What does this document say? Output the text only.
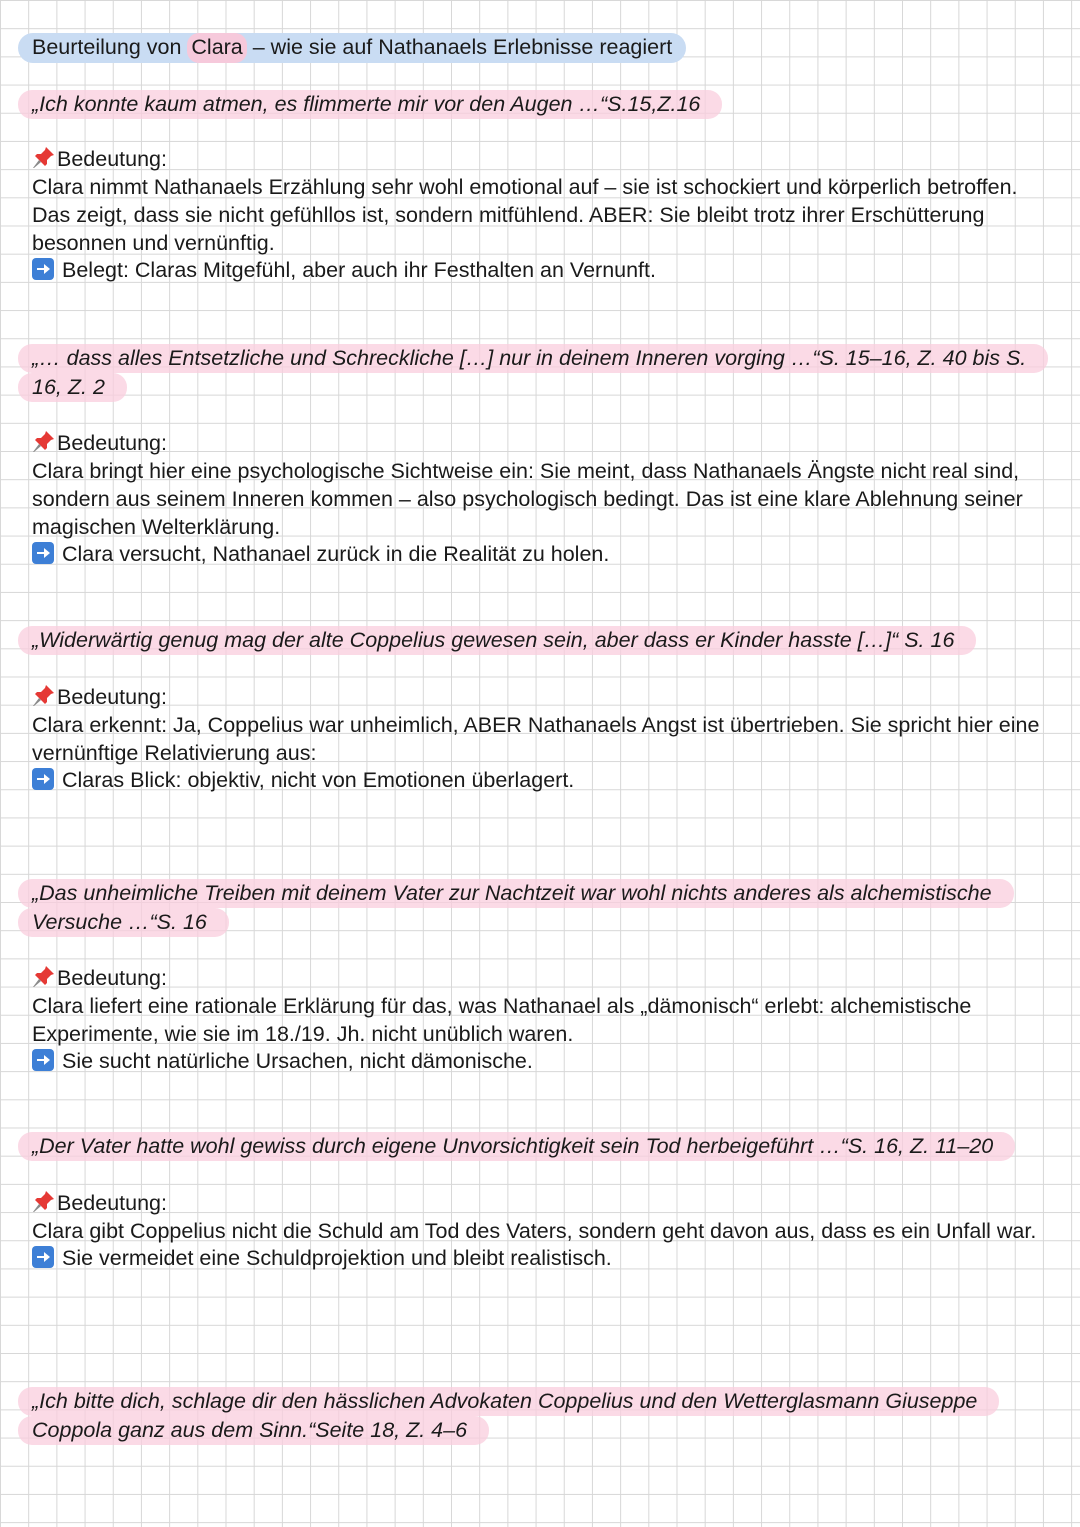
Beurteilung von Clara – wie sie auf Nathanaels Erlebnisse reagiert
„Ich konnte kaum atmen, es flimmerte mir vor den Augen …“S.15,Z.16
Bedeutung:
Clara nimmt Nathanaels Erzählung sehr wohl emotional auf – sie ist schockiert und körperlich betroffen. Das zeigt, dass sie nicht gefühllos ist, sondern mitfühlend. ABER: Sie bleibt trotz ihrer Erschütterung besonnen und vernünftig.
Belegt: Claras Mitgefühl, aber auch ihr Festhalten an Vernunft.
„… dass alles Entsetzliche und Schreckliche […] nur in deinem Inneren vorging …“S. 15–16, Z. 40 bis S. 16, Z. 2
Bedeutung:
Clara bringt hier eine psychologische Sichtweise ein: Sie meint, dass Nathanaels Ängste nicht real sind, sondern aus seinem Inneren kommen – also psychologisch bedingt. Das ist eine klare Ablehnung seiner magischen Welterklärung.
Clara versucht, Nathanael zurück in die Realität zu holen.
„Widerwärtig genug mag der alte Coppelius gewesen sein, aber dass er Kinder hasste […]“ S. 16
Bedeutung:
Clara erkennt: Ja, Coppelius war unheimlich, ABER Nathanaels Angst ist übertrieben. Sie spricht hier eine vernünftige Relativierung aus:
Claras Blick: objektiv, nicht von Emotionen überlagert.
„Das unheimliche Treiben mit deinem Vater zur Nachtzeit war wohl nichts anderes als alchemistische Versuche …“S. 16
Bedeutung:
Clara liefert eine rationale Erklärung für das, was Nathanael als „dämonisch“ erlebt: alchemistische Experimente, wie sie im 18./19. Jh. nicht unüblich waren.
Sie sucht natürliche Ursachen, nicht dämonische.
„Der Vater hatte wohl gewiss durch eigene Unvorsichtigkeit sein Tod herbeigeführt …“S. 16, Z. 11–20
Bedeutung:
Clara gibt Coppelius nicht die Schuld am Tod des Vaters, sondern geht davon aus, dass es ein Unfall war.
Sie vermeidet eine Schuldprojektion und bleibt realistisch.
„Ich bitte dich, schlage dir den hässlichen Advokaten Coppelius und den Wetterglasmann Giuseppe Coppola ganz aus dem Sinn.“Seite 18, Z. 4–6
